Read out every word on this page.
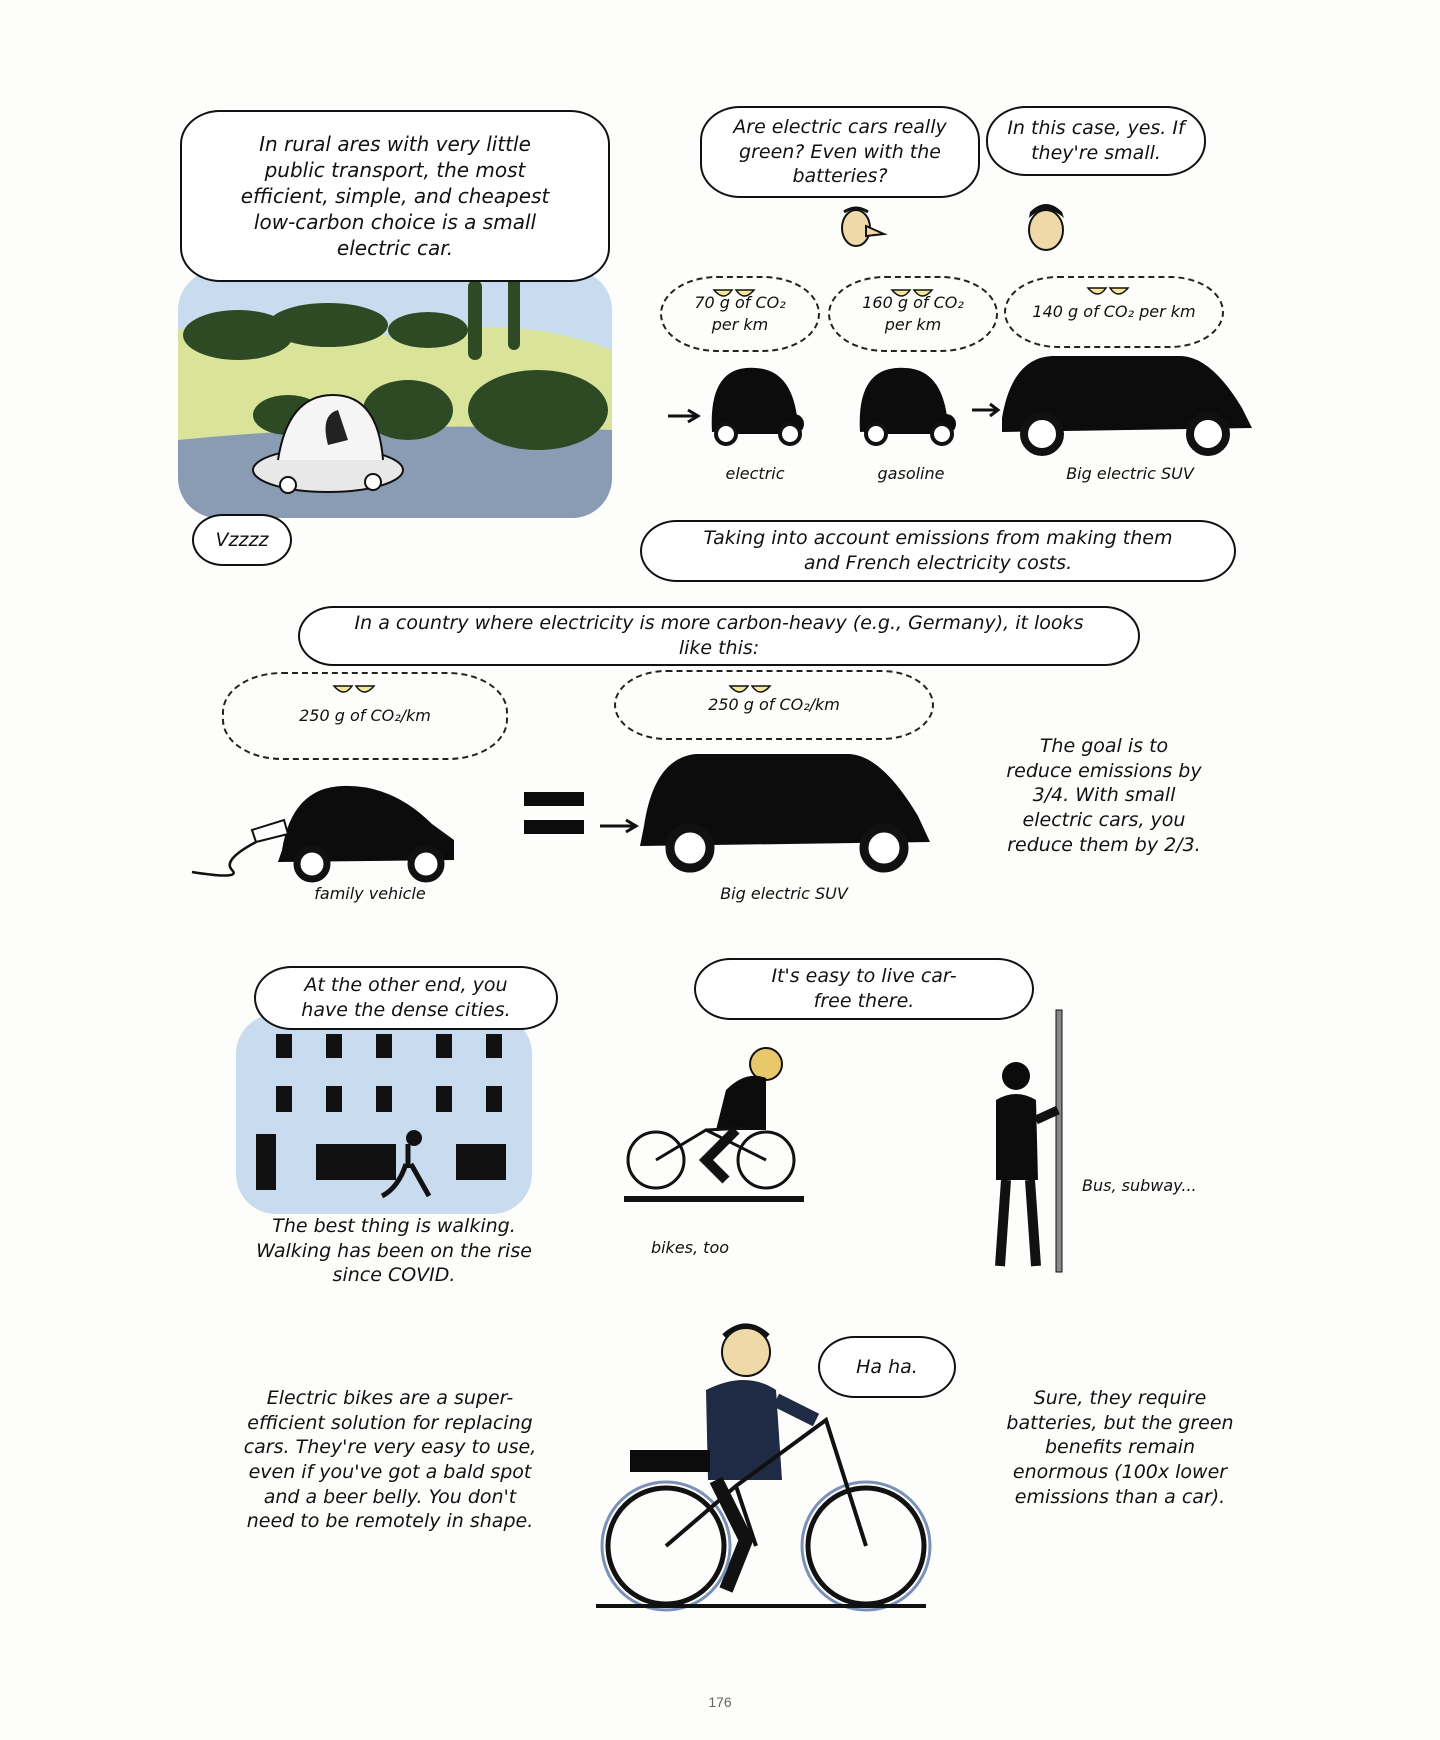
In rural ares with very little public transport, the most efficient, simple, and cheapest low-carbon choice is a small electric car.
Vzzzz
Are electric cars really green? Even with the batteries?
In this case, yes. If they're small.
70 g of CO₂ per km
160 g of CO₂ per km
140 g of CO₂ per km
electric	gasoline	Big electric SUV
Taking into account emissions from making them and French electricity costs.
In a country where electricity is more carbon-heavy (e.g., Germany), it looks like this:
250 g of CO₂/km
250 g of CO₂/km
family vehicle	Big electric SUV
The goal is to reduce emissions by 3/4. With small electric cars, you reduce them by 2/3.
At the other end, you have the dense cities.
The best thing is walking. Walking has been on the rise since COVID.
It's easy to live car-free there.
bikes, too
Bus, subway...
Electric bikes are a super-efficient solution for replacing cars. They're very easy to use, even if you've got a bald spot and a beer belly. You don't need to be remotely in shape.
Ha ha.
Sure, they require batteries, but the green benefits remain enormous (100x lower emissions than a car).
176
